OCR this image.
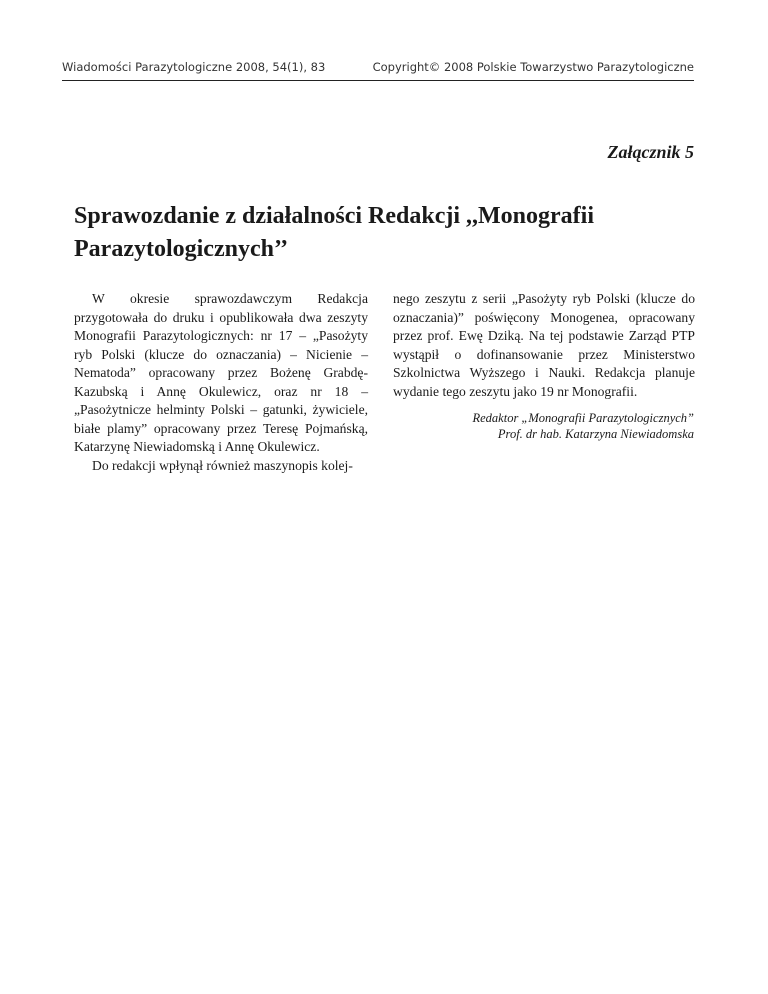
Wiadomości Parazytologiczne 2008, 54(1), 83	Copyright© 2008 Polskie Towarzystwo Parazytologiczne
Załącznik 5
Sprawozdanie z działalności Redakcji ,,Monografii Parazytologicznych’’

W okresie sprawozdawczym Redakcja przygotowała do druku i opublikowała dwa zeszyty Monografii Parazytologicznych: nr 17 – „Pasożyty ryb Polski (klucze do oznaczania) – Nicienie – Nematoda” opracowany przez Bożenę Grabdę-Kazubską i Annę Okulewicz, oraz nr 18 – „Pasożytnicze helminty Polski – gatunki, żywiciele, białe plamy” opracowany przez Teresę Pojmańską, Katarzynę Niewiadomską i Annę Okulewicz.

Do redakcji wpłynął również maszynopis kolej-

nego zeszytu z serii „Pasożyty ryb Polski (klucze do oznaczania)” poświęcony Monogenea, opracowany przez prof. Ewę Dziką. Na tej podstawie Zarząd PTP wystąpił o dofinansowanie przez Ministerstwo Szkolnictwa Wyższego i Nauki. Redakcja planuje wydanie tego zeszytu jako 19 nr Monografii.

Redaktor „Monografii Parazytologicznych”
Prof. dr hab. Katarzyna Niewiadomska
